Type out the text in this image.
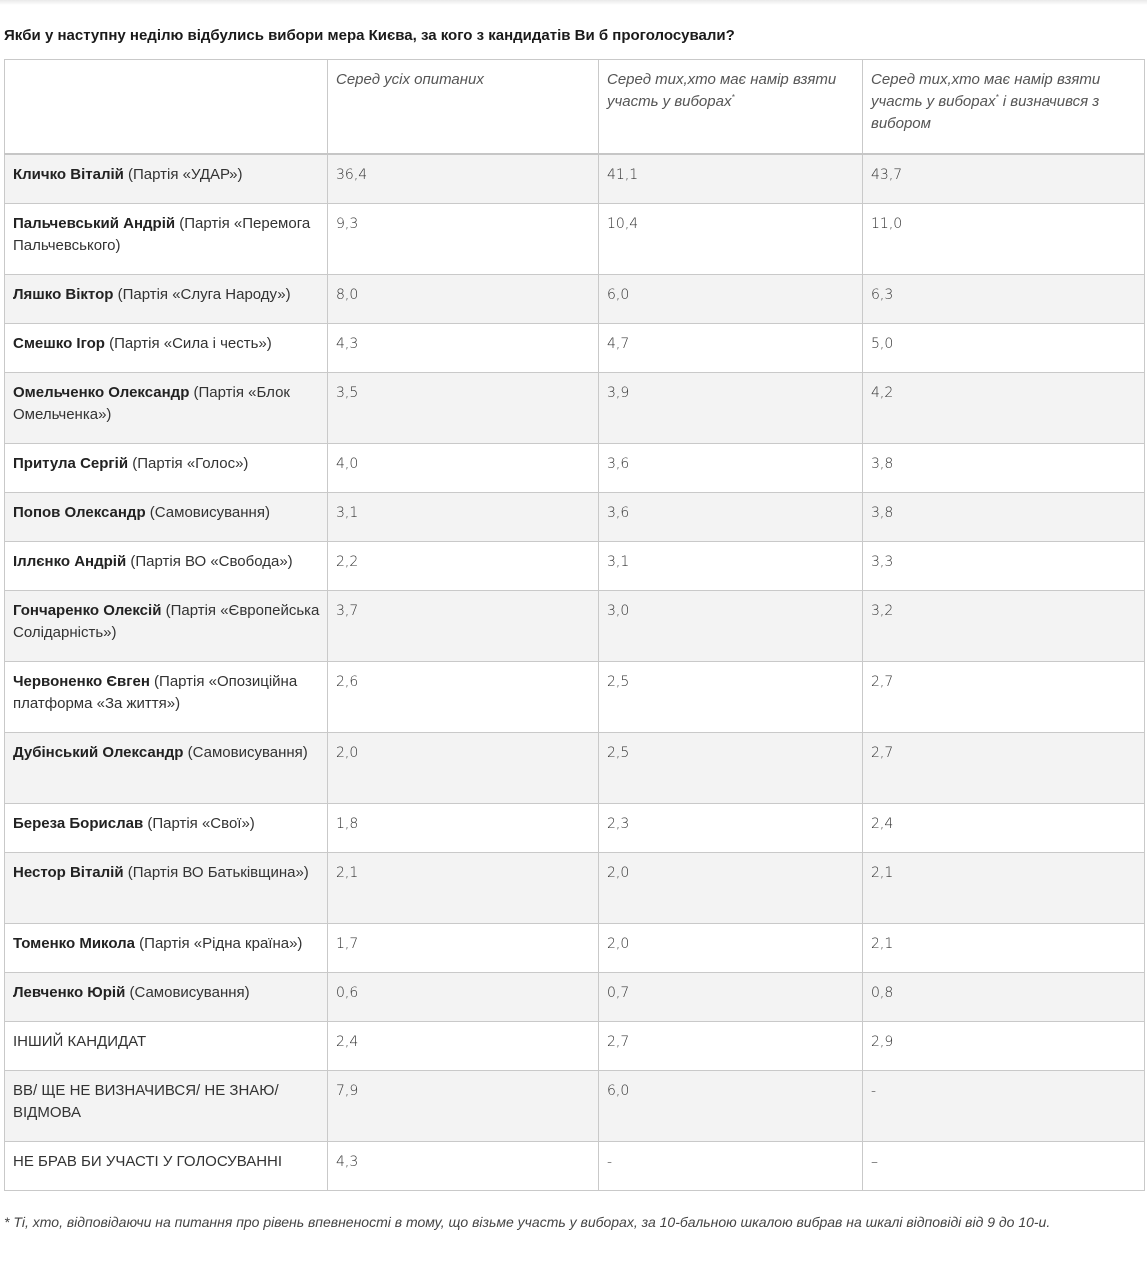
Якби у наступну неділю відбулись вибори мера Києва, за кого з кандидатів Ви б проголосували?
	Серед усіх опитаних	Серед тих,хто має намір взяти участь у виборах*	Серед тих,хто має намір взяти участь у виборах* і визначився з вибором
Кличко Віталій (Партія «УДАР»)	36,4	41,1	43,7
Пальчевський Андрій (Партія «Перемога Пальчевського)	9,3	10,4	11,0
Ляшко Віктор (Партія «Слуга Народу»)	8,0	6,0	6,3
Смешко Ігор (Партія «Сила і честь»)	4,3	4,7	5,0
Омельченко Олександр (Партія «Блок Омельченка»)	3,5	3,9	4,2
Притула Сергій (Партія «Голос»)	4,0	3,6	3,8
Попов Олександр (Самовисування)	3,1	3,6	3,8
Іллєнко Андрій (Партія ВО «Свобода»)	2,2	3,1	3,3
Гончаренко Олексій (Партія «Європейська Солідарність»)	3,7	3,0	3,2
Червоненко Євген (Партія «Опозиційна платформа «За життя»)	2,6	2,5	2,7
Дубінський Олександр (Самовисування)	2,0	2,5	2,7
Береза Борислав (Партія «Свої»)	1,8	2,3	2,4
Нестор Віталій (Партія ВО Батьківщина»)	2,1	2,0	2,1
Томенко Микола (Партія «Рідна країна»)	1,7	2,0	2,1
Левченко Юрій (Самовисування)	0,6	0,7	0,8
ІНШИЙ КАНДИДАТ	2,4	2,7	2,9
ВВ/ ЩЕ НЕ ВИЗНАЧИВСЯ/ НЕ ЗНАЮ/ ВІДМОВА	7,9	6,0	-
НЕ БРАВ БИ УЧАСТІ У ГОЛОСУВАННІ	4,3	-	–
* Ті, хто, відповідаючи на питання про рівень впевненості в тому, що візьме участь у виборах, за 10-бальною шкалою вибрав на шкалі відповіді від 9 до 10-и.
